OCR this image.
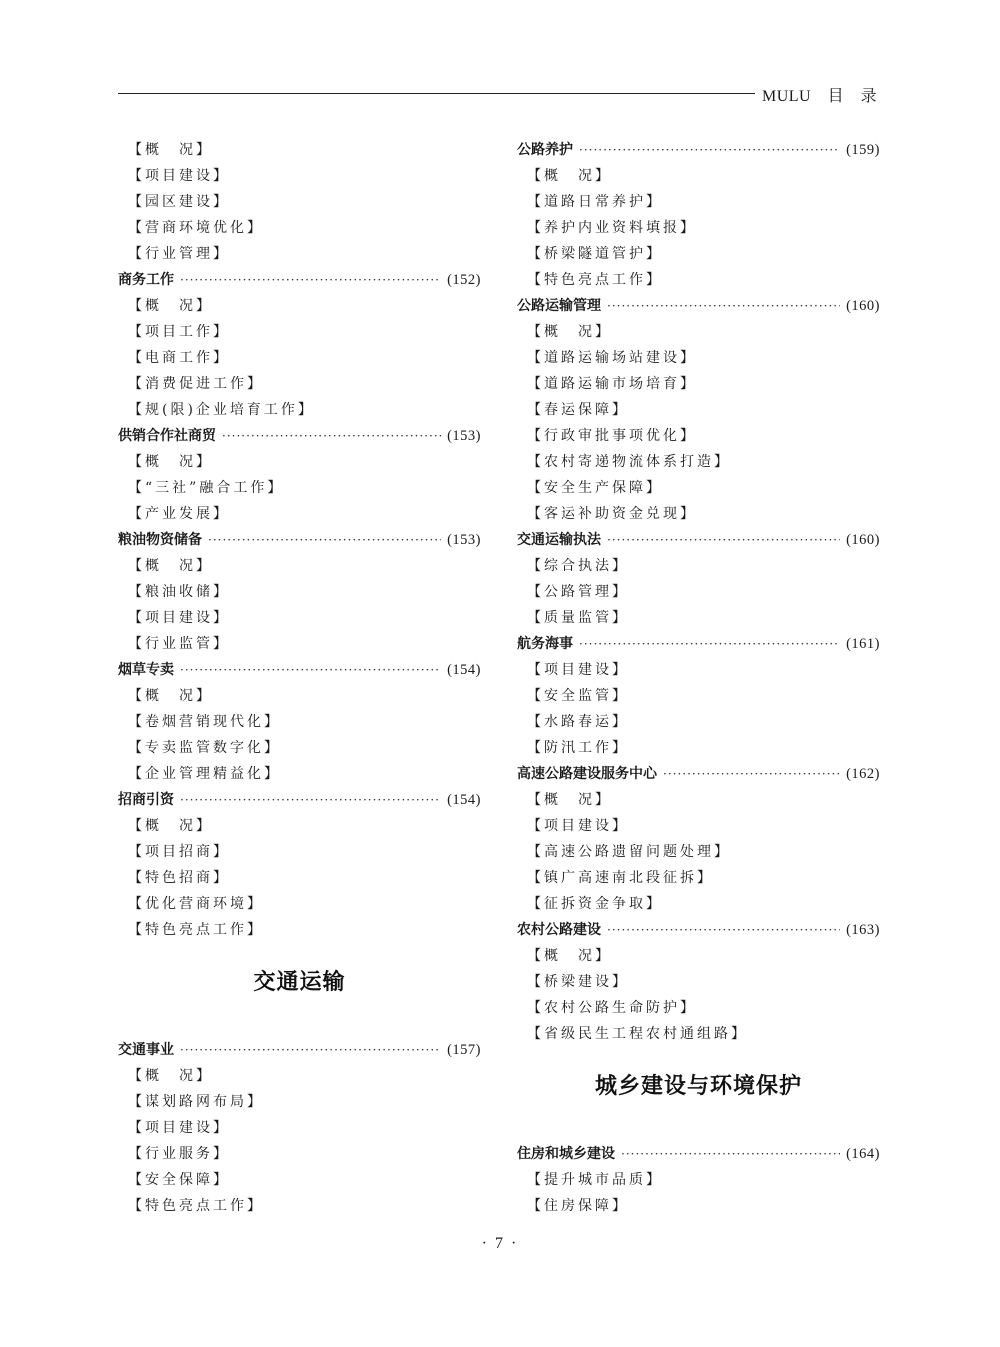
MULU 目　录
【概　况】
【项目建设】
【园区建设】
【营商环境优化】
【行业管理】
商务工作 ·····	(152)
【概　况】
【项目工作】
【电商工作】
【消费促进工作】
【规(限)企业培育工作】
供销合作社商贸 ·····	(153)
【概　况】
【“三社”融合工作】
【产业发展】
粮油物资储备 ·····	(153)
【概　况】
【粮油收储】
【项目建设】
【行业监管】
烟草专卖 ·····	(154)
【概　况】
【卷烟营销现代化】
【专卖监管数字化】
【企业管理精益化】
招商引资 ·····	(154)
【概　况】
【项目招商】
【特色招商】
【优化营商环境】
【特色亮点工作】
交通运输
交通事业 ·····	(157)
【概　况】
【谋划路网布局】
【项目建设】
【行业服务】
【安全保障】
【特色亮点工作】
公路养护 ·····	(159)
【概　况】
【道路日常养护】
【养护内业资料填报】
【桥梁隧道管护】
【特色亮点工作】
公路运输管理 ·····	(160)
【概　况】
【道路运输场站建设】
【道路运输市场培育】
【春运保障】
【行政审批事项优化】
【农村寄递物流体系打造】
【安全生产保障】
【客运补助资金兑现】
交通运输执法 ·····	(160)
【综合执法】
【公路管理】
【质量监管】
航务海事 ·····	(161)
【项目建设】
【安全监管】
【水路春运】
【防汛工作】
高速公路建设服务中心 ·····	(162)
【概　况】
【项目建设】
【高速公路遗留问题处理】
【镇广高速南北段征拆】
【征拆资金争取】
农村公路建设 ·····	(163)
【概　况】
【桥梁建设】
【农村公路生命防护】
【省级民生工程农村通组路】
城乡建设与环境保护
住房和城乡建设 ·····	(164)
【提升城市品质】
【住房保障】
· 7 ·
